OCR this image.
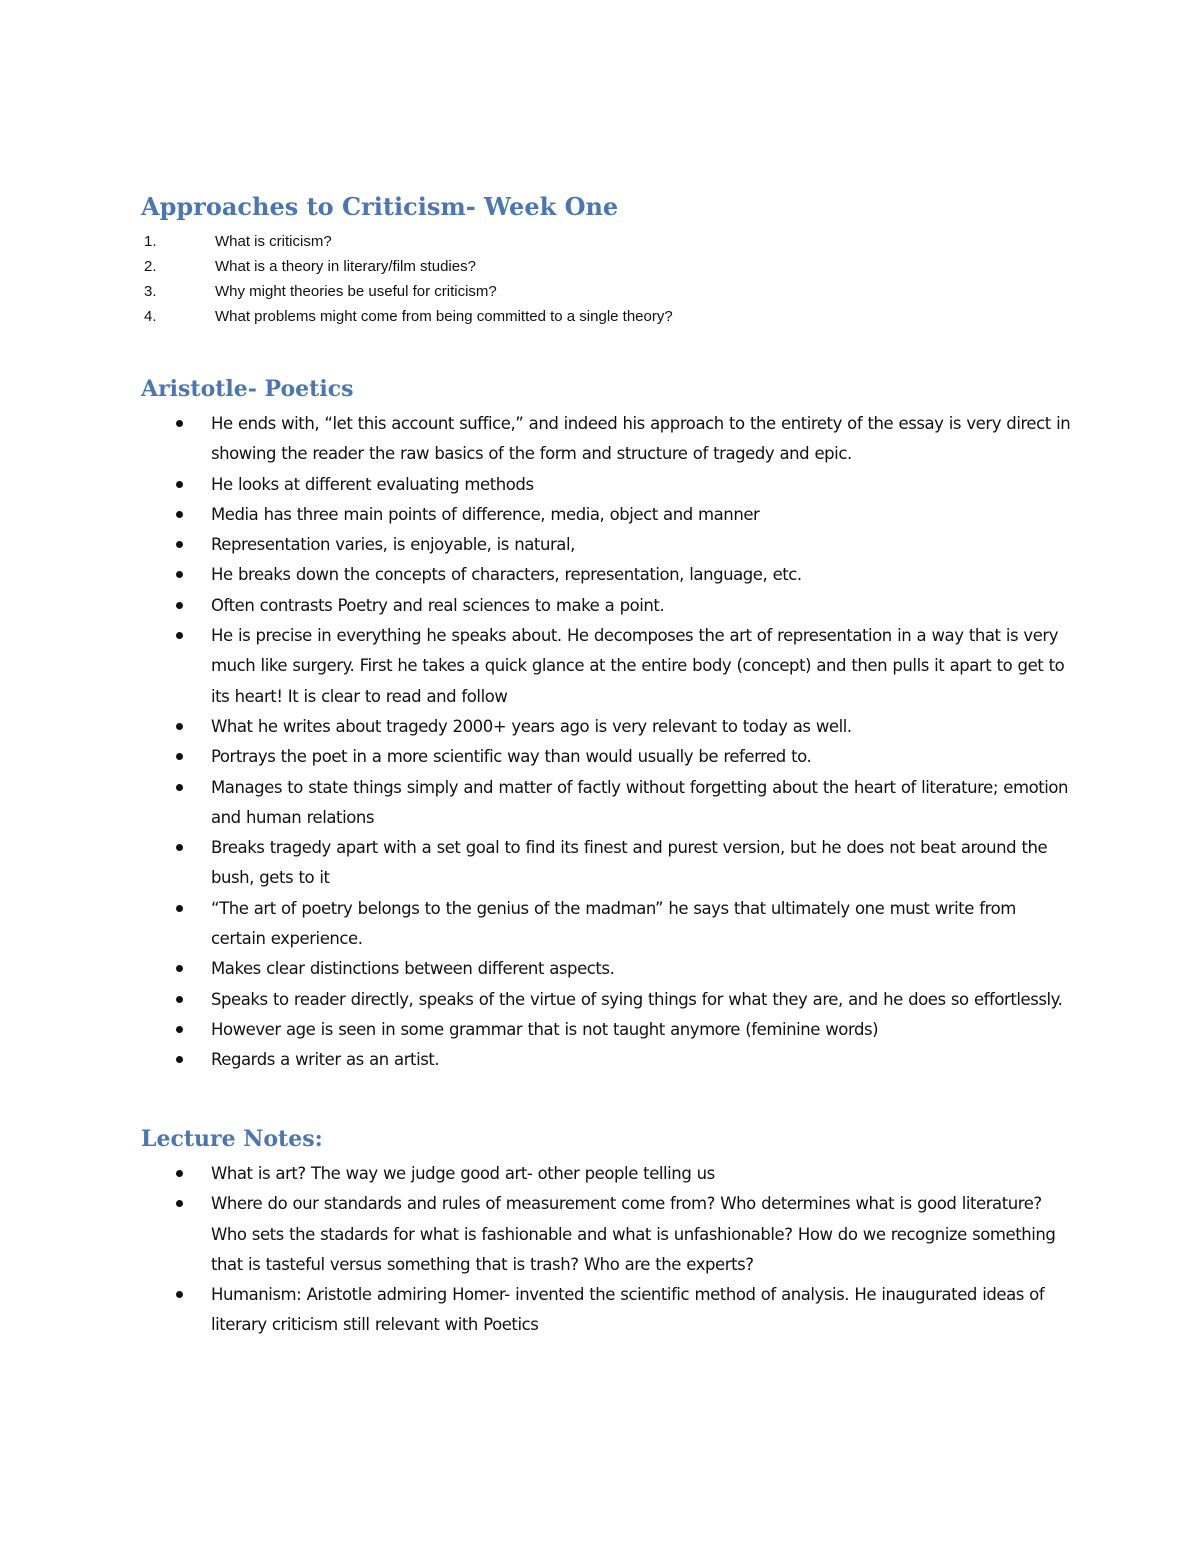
Approaches to Criticism- Week One
1.	What is criticism?
2.	What is a theory in literary/film studies?
3.	Why might theories be useful for criticism?
4.	What problems might come from being committed to a single theory?
Aristotle- Poetics
He ends with, “let this account suffice,” and indeed his approach to the entirety of the essay is very direct in showing the reader the raw basics of the form and structure of tragedy and epic.
He looks at different evaluating methods
Media has three main points of difference, media, object and manner
Representation varies, is enjoyable, is natural,
He breaks down the concepts of characters, representation, language, etc.
Often contrasts Poetry and real sciences to make a point.
He is precise in everything he speaks about. He decomposes the art of representation in a way that is very much like surgery. First he takes a quick glance at the entire body (concept) and then pulls it apart to get to its heart! It is clear to read and follow
What he writes about tragedy 2000+ years ago is very relevant to today as well.
Portrays the poet in a more scientific way than would usually be referred to.
Manages to state things simply and matter of factly without forgetting about the heart of literature; emotion and human relations
Breaks tragedy apart with a set goal to find its finest and purest version, but he does not beat around the bush, gets to it
“The art of poetry belongs to the genius of the madman” he says that ultimately one must write from certain experience.
Makes clear distinctions between different aspects.
Speaks to reader directly, speaks of the virtue of sying things for what they are, and he does so effortlessly.
However age is seen in some grammar that is not taught anymore (feminine words)
Regards a writer as an artist.
Lecture Notes:
What is art? The way we judge good art- other people telling us
Where do our standards and rules of measurement come from? Who determines what is good literature? Who sets the stadards for what is fashionable and what is unfashionable? How do we recognize something that is tasteful versus something that is trash? Who are the experts?
Humanism: Aristotle admiring Homer- invented the scientific method of analysis. He inaugurated ideas of literary criticism still relevant with Poetics
